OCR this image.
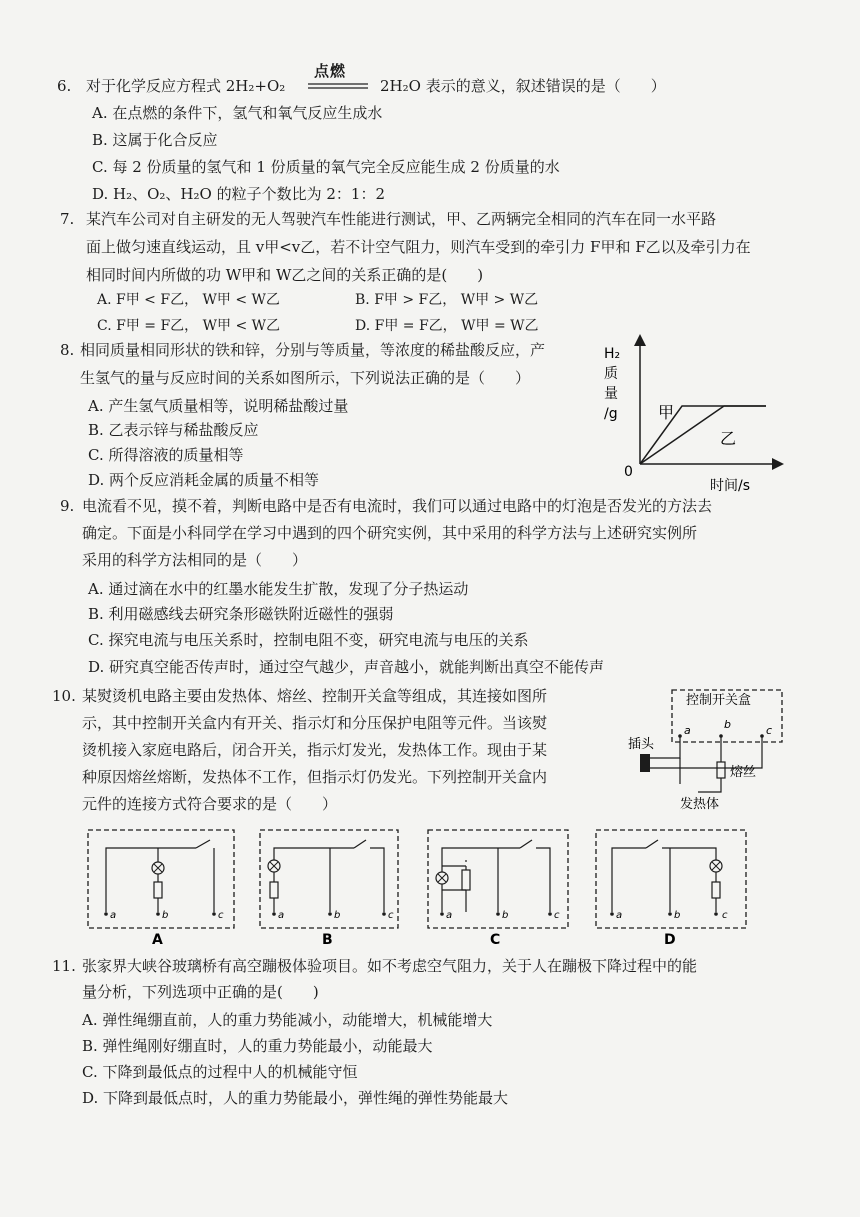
6. 对于化学反应方程式 2H₂+O₂
点燃
2H₂O 表示的意义，叙述错误的是（　　）
A. 在点燃的条件下，氢气和氧气反应生成水
B. 这属于化合反应
C. 每 2 份质量的氢气和 1 份质量的氧气完全反应能生成 2 份质量的水
D. H₂、O₂、H₂O 的粒子个数比为 2：1：2
7. 某汽车公司对自主研发的无人驾驶汽车性能进行测试，甲、乙两辆完全相同的汽车在同一水平路
面上做匀速直线运动，且 v甲<v乙，若不计空气阻力，则汽车受到的牵引力 F甲和 F乙以及牵引力在
相同时间内所做的功 W甲和 W乙之间的关系正确的是(　　)
A. F甲 < F乙， W甲 < W乙	B. F甲 > F乙， W甲 > W乙
C. F甲 = F乙， W甲 < W乙	D. F甲 = F乙， W甲 = W乙
8. 相同质量相同形状的铁和锌，分别与等质量，等浓度的稀盐酸反应，产
生氢气的量与反应时间的关系如图所示，下列说法正确的是（　　）
A. 产生氢气质量相等，说明稀盐酸过量
B. 乙表示锌与稀盐酸反应
C. 所得溶液的质量相等
D. 两个反应消耗金属的质量不相等
H₂ 质 量 /g
0
时间/s
甲
乙
9. 电流看不见，摸不着，判断电路中是否有电流时，我们可以通过电路中的灯泡是否发光的方法去
确定。下面是小科同学在学习中遇到的四个研究实例，其中采用的科学方法与上述研究实例所
采用的科学方法相同的是（　　）
A. 通过滴在水中的红墨水能发生扩散，发现了分子热运动
B. 利用磁感线去研究条形磁铁附近磁性的强弱
C. 探究电流与电压关系时，控制电阻不变，研究电流与电压的关系
D. 研究真空能否传声时，通过空气越少，声音越小，就能判断出真空不能传声
10. 某熨烫机电路主要由发热体、熔丝、控制开关盒等组成，其连接如图所
示，其中控制开关盒内有开关、指示灯和分压保护电阻等元件。当该熨
烫机接入家庭电路后，闭合开关，指示灯发光，发热体工作。现由于某
种原因熔丝熔断，发热体不工作，但指示灯仍发光。下列控制开关盒内
元件的连接方式符合要求的是（　　）
控制开关盒
a	b	c
插头
熔丝
发热体
a	b	c
A
a	b	c
B
a	b	c
C
a	b	c
D
11. 张家界大峡谷玻璃桥有高空蹦极体验项目。如不考虑空气阻力，关于人在蹦极下降过程中的能
量分析，下列选项中正确的是(　　)
A. 弹性绳绷直前，人的重力势能减小，动能增大，机械能增大
B. 弹性绳刚好绷直时，人的重力势能最小，动能最大
C. 下降到最低点的过程中人的机械能守恒
D. 下降到最低点时，人的重力势能最小，弹性绳的弹性势能最大
